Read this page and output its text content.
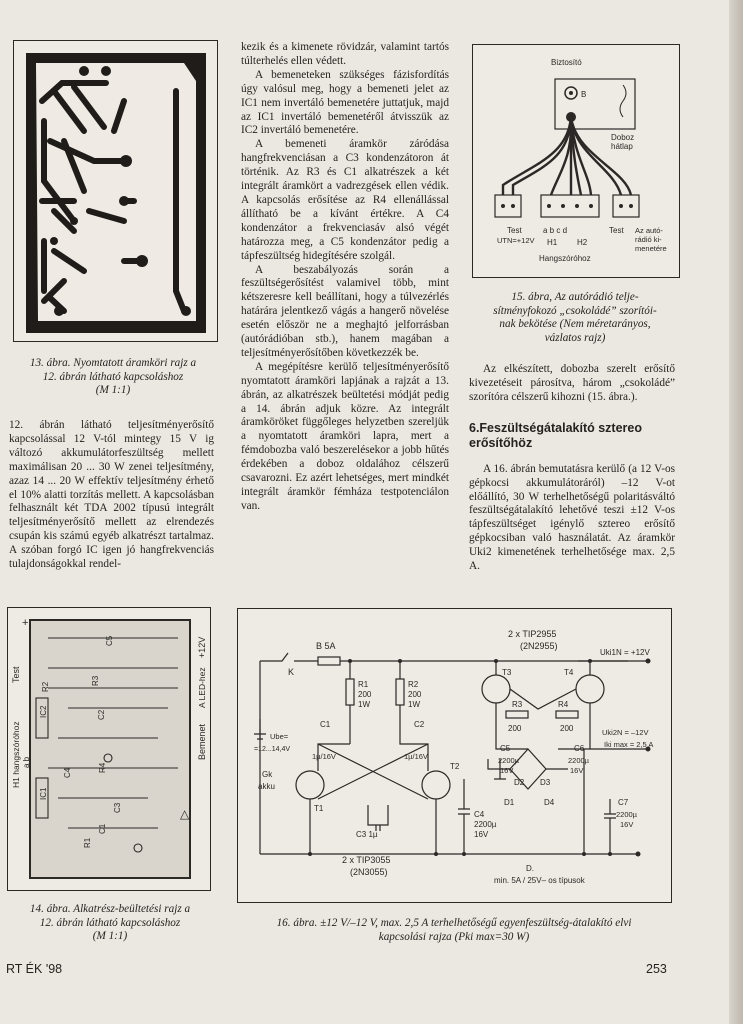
13. ábra. Nyomtatott áramköri rajz a
12. ábrán látható kapcsoláshoz
(M 1:1)

12. ábrán látható teljesítményerősítő kapcsolással 12 V-tól mintegy 15 V ig változó akkumulátorfeszültség mellett maximálisan 20 ... 30 W zenei teljesítmény, azaz 14 ... 20 W effektív teljesítmény érhető el 10% alatti torzítás mellett. A kapcsolásban felhasznált két TDA 2002 típusú integrált teljesítményerősítő mellett az elrendezés csupán kis számú egyéb alkatrészt tartalmaz. A szóban forgó IC igen jó hangfrekvenciás tulajdonságokkal rendel-

+
△
Test
H1 hangszóróhoz a b
Bemenet
+12V
A LED-hez
C5
R2
R3
C2
R4
C4
R1
C1
IC1
IC2
C3
14. ábra. Alkatrész-beültetési rajz a
12. ábrán látható kapcsoláshoz
(M 1:1)

kezik és a kimenete rövidzár, valamint tartós túlterhelés ellen védett.

A bemeneteken szükséges fázisfordítás úgy valósul meg, hogy a bemeneti jelet az IC1 nem invertáló bemenetére juttatjuk, majd az IC1 invertáló bemenetéről átvisszük az IC2 invertáló bemenetére.

A bemeneti áramkör záródása hangfrekvenciásan a C3 kondenzátoron át történik. Az R3 és C1 alkatrészek a két integrált áramkört a vadrezgések ellen védik. A kapcsolás erősítése az R4 ellenállással állítható be a kívánt értékre. A C4 kondenzátor a frekvenciasáv alsó végét határozza meg, a C5 kondenzátor pedig a tápfeszültség hidegítésére szolgál.

A beszabályozás során a feszültségerősítést valamivel több, mint kétszeresre kell beállítani, hogy a túlvezérlés határára jelentkező vágás a hangerő növelése esetén először ne a meghajtó jelforrásban (autórádióban stb.), hanem magában a teljesítményerősítőben következzék be.

A megépítésre kerülő teljesítményerősítő nyomtatott áramköri lapjának a rajzát a 13. ábrán, az alkatrészek beültetési módját pedig a 14. ábrán adjuk közre. Az integrált áramköröket függőleges helyzetben szereljük a nyomtatott áramköri lapra, mert a fémdobozba való beszerelésekor a jobb hűtés érdekében a doboz oldalához célszerű csavarozni. Ez azért lehetséges, mert mindkét integrált áramkör fémháza testpotenciálon van.

Biztosító
B
Doboz
hátlap
Test
UTN=+12V
a b c d
H1 H2
Test Az autó-
rádió ki-
menetére
Hangszóróhoz
15. ábra, Az autórádió telje-
sítményfokozó „csokoládé” szorítói-
nak bekötése (Nem méretarányos,
vázlatos rajz)

Az elkészített, dobozba szerelt erősítő kivezetéseit párosítva, három „csokoládé” szorítóra célszerű kihozni (15. ábra.).

6.Feszültségátalakító sztereo
erősítőhöz

A 16. ábrán bemutatásra kerülő (a 12 V-os gépkocsi akkumulátoráról) –12 V-ot előállító, 30 W terhelhetőségű polaritásváltó feszültségátalakító lehetővé teszi ±12 V-os tápfeszültséget igénylő sztereo erősítő gépkocsiban való használatát. Az áramkör Uki2 kimenetének terhelhetősége max. 2,5 A.

B 5A
K
2 x TIP2955
(2N2955)
Uki1N = +12V
R1
200
1W
R2
200
1W
T3	T4
R3
200
R4
200
C1	C2
1µ/16V	1µ/16V
Ube=
=12...14,4V
Gk
akku
T1
T2
C3 1µ
C4
2200µ
16V
C5
2200µ
16V
C6
2200µ
16V
C7
2200µ
16V
D2
D1
D3
D4
Uki2N = –12V
Iki max = 2,5 A
2 x TIP3055
(2N3055)	D.
min. 5A / 25V– os típusok
16. ábra. ±12 V/–12 V, max. 2,5 A terhelhetőségű egyenfeszültség-átalakító elvi
kapcsolási rajza (Pki max=30 W)
RT ÉK '98	253
